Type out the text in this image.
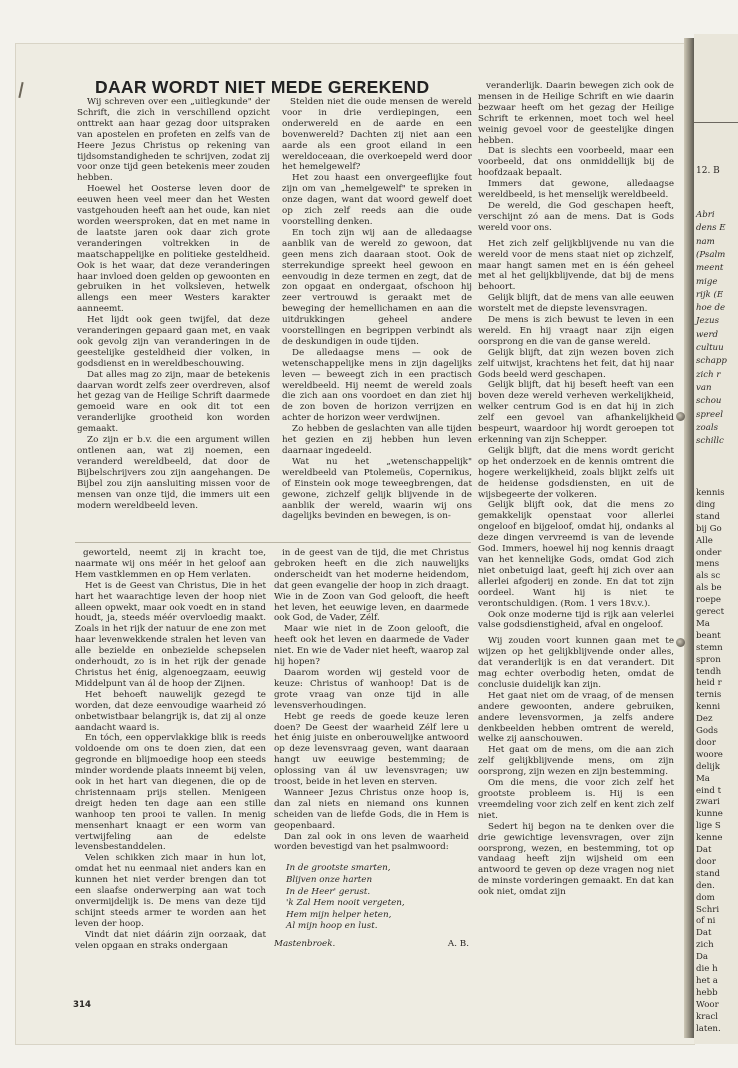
12. B
Abri
dens E
nam
(Psalm
meent
mige
rijk (E
hoe de
Jezus
werd
cultuu
schapp
zich r
van
schou
spreel
zoals
schillc
kennis
ding
stand
bij Go
Alle
onder
mens
als sc
als be
roepe
gerect
Ma
beant
stemn
spron
tendh
heid r
ternis
kenni
Dez
Gods
door
woore
delijk
Ma
eind t
zwari
kunne
lige S
kenne
Dat
door
stand
den.
dom
Schri
of ni
Dat
zich
Da
die h
het a
hebb
Woor
kracl
laten.
DAAR WORDT NIET MEDE GEREKEND

Wij schreven over een „uitlegkunde" der Schrift, die zich in verschillend opzicht onttrekt aan haar gezag door uitspraken van apostelen en profeten en zelfs van de Heere Jezus Christus op rekening van tijdsomstandigheden te schrijven, zodat zij voor onze tijd geen betekenis meer zouden hebben.

Hoewel het Oosterse leven door de eeuwen heen veel meer dan het Westen vastgehouden heeft aan het oude, kan niet worden weersproken, dat en met name in de laatste jaren ook daar zich grote veranderingen voltrekken in de maatschappelijke en politieke gesteldheid. Ook is het waar, dat deze veranderingen haar invloed doen gelden op gewoonten en gebruiken in het volksleven, hetwelk allengs een meer Westers karakter aanneemt.

Het lijdt ook geen twijfel, dat deze veranderingen gepaard gaan met, en vaak ook gevolg zijn van veranderingen in de geestelijke gesteldheid dier volken, in godsdienst en in wereldbeschouwing.

Dat alles mag zo zijn, maar de betekenis daarvan wordt zelfs zeer overdreven, alsof het gezag van de Heilige Schrift daarmede gemoeid ware en ook dit tot een veranderlijke grootheid kon worden gemaakt.

Zo zijn er b.v. die een argument willen ontlenen aan, wat zij noemen, een veranderd wereldbeeld, dat door de Bijbelschrijvers zou zijn aangehangen. De Bijbel zou zijn aansluiting missen voor de mensen van onze tijd, die immers uit een modern wereldbeeld leven.

Stelden niet die oude mensen de wereld voor in drie verdiepingen, een onderwereld en de aarde en een bovenwereld? Dachten zij niet aan een aarde als een groot eiland in een wereldoceaan, die overkoepeld werd door het hemelgewelf?

Het zou haast een onvergeeflijke fout zijn om van „hemelgewelf" te spreken in onze dagen, want dat woord gewelf doet op zich zelf reeds aan die oude voorstelling denken.

En toch zijn wij aan de alledaagse aanblik van de wereld zo gewoon, dat geen mens zich daaraan stoot. Ook de sterrekundige spreekt heel gewoon en eenvoudig in deze termen en zegt, dat de zon opgaat en ondergaat, ofschoon hij zeer vertrouwd is geraakt met de beweging der hemellichamen en aan die uitdrukkingen geheel andere voorstellingen en begrippen verbindt als de deskundigen in oude tijden.

De alledaagse mens — ook de wetenschappelijke mens in zijn dagelijks leven — beweegt zich in een practisch wereldbeeld. Hij neemt de wereld zoals die zich aan ons voordoet en dan ziet hij de zon boven de horizon verrijzen en achter de horizon weer verdwijnen.

Zo hebben de geslachten van alle tijden het gezien en zij hebben hun leven daarnaar ingedeeld.

Wat nu het „wetenschappelijk" wereldbeeld van Ptolemeüs, Copernikus, of Einstein ook moge teweegbrengen, dat gewone, zichzelf gelijk blijvende in de aanblik der wereld, waarin wij ons dagelijks bevinden en bewegen, is on-

veranderlijk. Daarin bewegen zich ook de mensen in de Heilige Schrift en wie daarin bezwaar heeft om het gezag der Heilige Schrift te erkennen, moet toch wel heel weinig gevoel voor de geestelijke dingen hebben.

Dat is slechts een voorbeeld, maar een voorbeeld, dat ons onmiddellijk bij de hoofdzaak bepaalt.

Immers dat gewone, alledaagse wereldbeeld, is het menselijk wereldbeeld.

De wereld, die God geschapen heeft, verschijnt zó aan de mens. Dat is Gods wereld voor ons.

Het zich zelf gelijkblijvende nu van die wereld voor de mens staat niet op zichzelf, maar hangt samen met en is één geheel met al het gelijkblijvende, dat bij de mens behoort.

Gelijk blijft, dat de mens van alle eeuwen worstelt met de diepste levensvragen.

De mens is zich bewust te leven in een wereld. En hij vraagt naar zijn eigen oorsprong en die van de ganse wereld.

Gelijk blijft, dat zijn wezen boven zich zelf uitwijst, krachtens het feit, dat hij naar Gods beeld werd geschapen.

Gelijk blijft, dat hij beseft heeft van een boven deze wereld verheven werkelijkheid, welker centrum God is en dat hij in zich zelf een gevoel van afhankelijkheid bespeurt, waardoor hij wordt geroepen tot erkenning van zijn Schepper.

Gelijk blijft, dat die mens wordt gericht op het onderzoek en de kennis omtrent die hogere werkelijkheid, zoals blijkt zelfs uit de heidense godsdiensten, en uit de wijsbegeerte der volkeren.

Gelijk blijft ook, dat die mens zo gemakkelijk openstaat voor allerlei ongeloof en bijgeloof, omdat hij, ondanks al deze dingen vervreemd is van de levende God. Immers, hoewel hij nog kennis draagt van het kennelijke Gods, omdat God zich niet onbetuigd laat, geeft hij zich over aan allerlei afgoderij en zonde. En dat tot zijn oordeel. Want hij is niet te verontschuldigen. (Rom. 1 vers 18v.v.).

Ook onze moderne tijd is rijk aan velerlei valse godsdienstigheid, afval en ongeloof.

Wij zouden voort kunnen gaan met te wijzen op het gelijkblijvende onder alles, dat veranderlijk is en dat verandert. Dit mag echter overbodig heten, omdat de conclusie duidelijk kan zijn.

Het gaat niet om de vraag, of de mensen andere gewoonten, andere gebruiken, andere levensvormen, ja zelfs andere denkbeelden hebben omtrent de wereld, welke zij aanschouwen.

Het gaat om de mens, om die aan zich zelf gelijkblijvende mens, om zijn oorsprong, zijn wezen en zijn bestemming.

Om die mens, die voor zich zelf het grootste probleem is. Hij is een vreemdeling voor zich zelf en kent zich zelf niet.

Sedert hij begon na te denken over die drie gewichtige levensvragen, over zijn oorsprong, wezen, en bestemming, tot op vandaag heeft zijn wijsheid om een antwoord te geven op deze vragen nog niet de minste vorderingen gemaakt. En dat kan ook niet, omdat zijn

geworteld, neemt zij in kracht toe, naarmate wij ons méér in het geloof aan Hem vastklemmen en op Hem verlaten.

Het is de Geest van Christus, Die in het hart het waarachtige leven der hoop niet alleen opwekt, maar ook voedt en in stand houdt, ja, steeds méér overvloedig maakt. Zoals in het rijk der natuur de ene zon met haar levenwekkende stralen het leven van alle bezielde en onbezielde schepselen onderhoudt, zo is in het rijk der genade Christus het énig, algenoegzaam, eeuwig Middelpunt van ál de hoop der Zijnen.

Het behoeft nauwelijk gezegd te worden, dat deze eenvoudige waarheid zó onbetwistbaar belangrijk is, dat zij al onze aandacht waard is.

En tóch, een oppervlakkige blik is reeds voldoende om ons te doen zien, dat een gegronde en blijmoedige hoop een steeds minder wordende plaats inneemt bij velen, ook in het hart van diegenen, die op de christennaam prijs stellen. Menigeen dreigt heden ten dage aan een stille wanhoop ten prooi te vallen. In menig mensenhart knaagt er een worm van vertwijfeling aan de edelste levensbestanddelen.

Velen schikken zich maar in hun lot, omdat het nu eenmaal niet anders kan en kunnen het niet verder brengen dan tot een slaafse onderwerping aan wat toch onvermijdelijk is. De mens van deze tijd schijnt steeds armer te worden aan het leven der hoop.

Vindt dat niet dáárin zijn oorzaak, dat velen opgaan en straks ondergaan

in de geest van de tijd, die met Christus gebroken heeft en die zich nauwelijks onderscheidt van het moderne heidendom, dat geen evangelie der hoop in zich draagt. Wie in de Zoon van God gelooft, die heeft het leven, het eeuwige leven, en daarmede ook God, de Vader, Zélf.

Maar wie niet in de Zoon gelooft, die heeft ook het leven en daarmede de Vader niet. En wie de Vader niet heeft, waarop zal hij hopen?

Daarom worden wij gesteld voor de keuze: Christus of wanhoop! Dat is de grote vraag van onze tijd in alle levensverhoudingen.

Hebt ge reeds de goede keuze leren doen? De Geest der waarheid Zélf lere u het énig juiste en onberouwelijke antwoord op deze levensvraag geven, want daaraan hangt uw eeuwige bestemming; de oplossing van ál uw levensvragen; uw troost, beide in het leven en sterven.

Wanneer Jezus Christus onze hoop is, dan zal niets en niemand ons kunnen scheiden van de liefde Gods, die in Hem is geopenbaard.

Dan zal ook in ons leven de waarheid worden bevestigd van het psalmwoord:

In de grootste smarten,
Blijven onze harten
In de Heer' gerust.
'k Zal Hem nooit vergeten,
Hem mijn helper heten,
Al mijn hoop en lust.
Mastenbroek.	A. B.
314
